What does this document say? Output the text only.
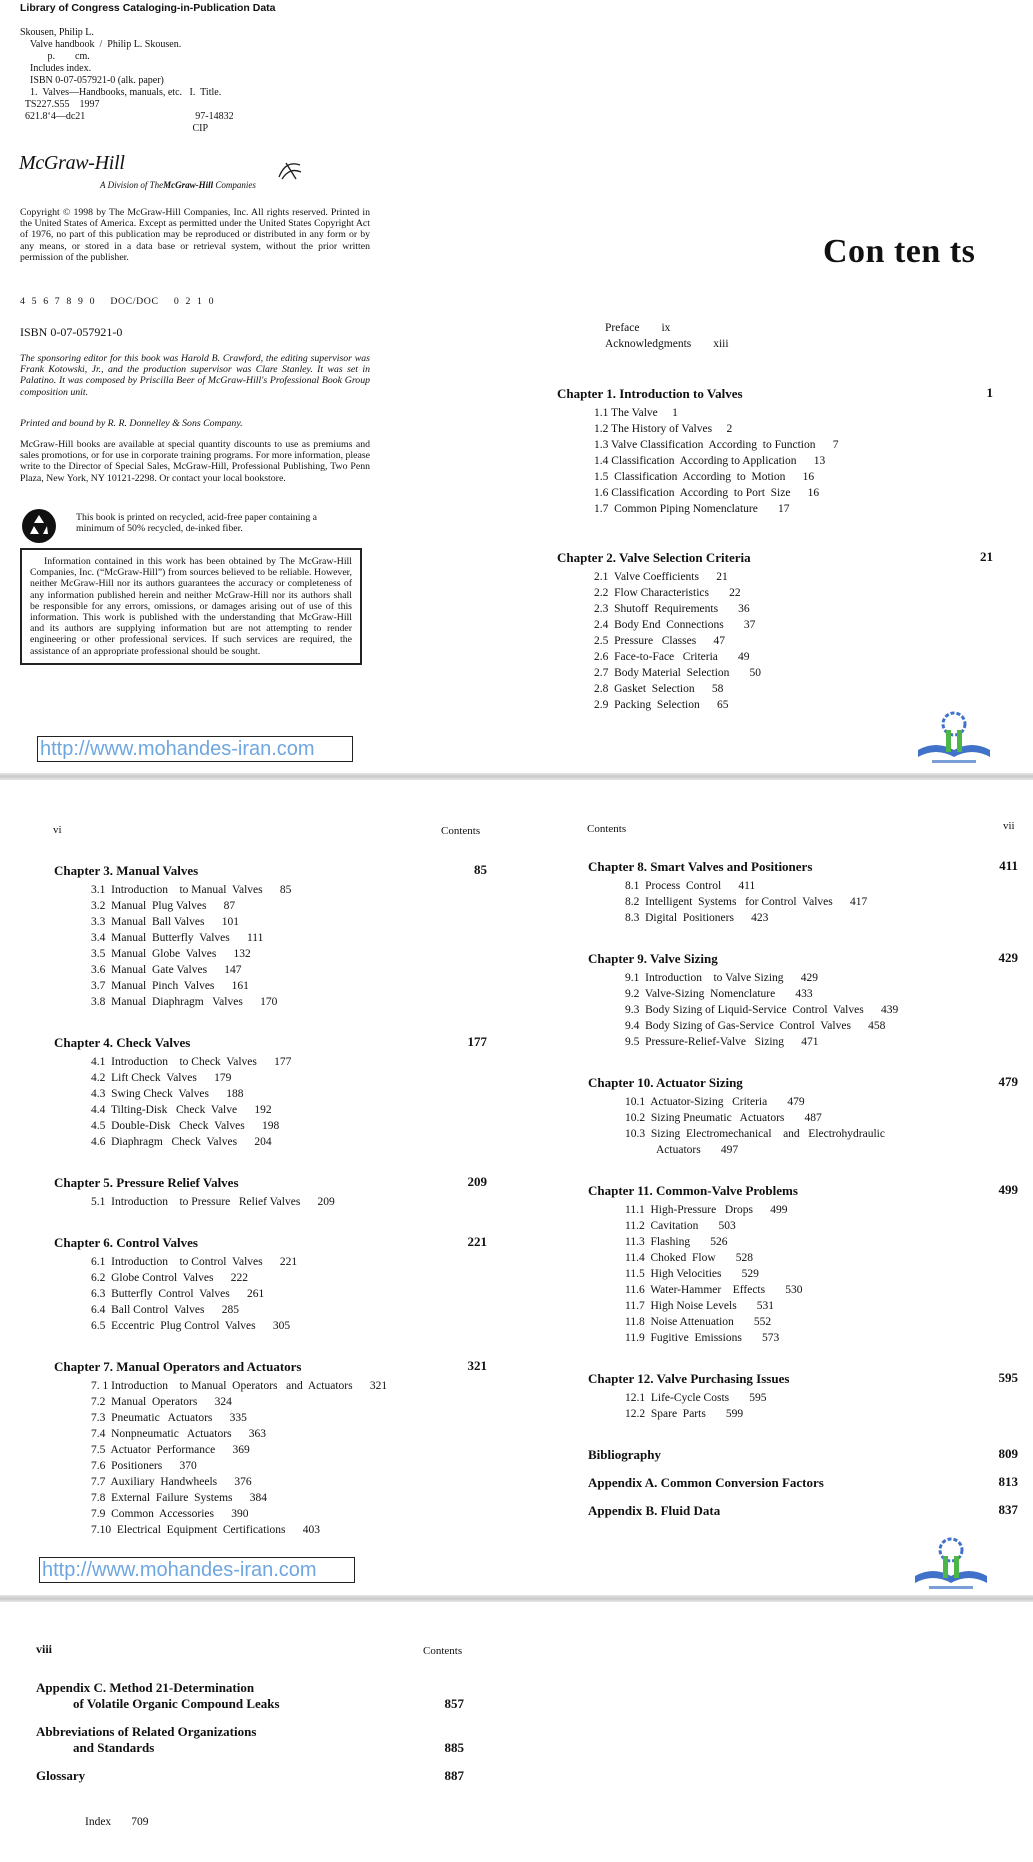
Library of Congress Cataloging-in-Publication Data
Skousen, Philip L.
Valve handbook  /  Philip L. Skousen.
p.        cm.
Includes index.
ISBN 0-07-057921-0 (alk. paper)
1.  Valves—Handbooks, manuals, etc.   I.  Title.
TS227.S55    1997
621.8‘4—dc21                                            97-14832
CIP
McGraw-Hill
A Division of TheMcGraw-Hill Companies
Copyright © 1998 by The McGraw-Hill Companies, Inc. All rights reserved. Printed in the United States of America. Except as permitted under the United States Copyright Act of 1976, no part of this publication may be reproduced or distributed in any form or by any means, or stored in a data base or retrieval system, without the prior written permission of the publisher.
4  5  6  7  8  9  0     DOC/DOC     0  2  1  0
ISBN 0-07-057921-0
The sponsoring editor for this book was Harold B. Crawford, the editing supervisor was Frank Kotowski, Jr., and the production supervisor was Clare Stanley. It was set in Palatino. It was composed by Priscilla Beer of McGraw-Hill's Professional Book Group composition unit.
Printed and bound by R. R. Donnelley & Sons Company.
McGraw-Hill books are available at special quantity discounts to use as premiums and sales promotions, or for use in corporate training programs. For more information, please write to the Director of Special Sales, McGraw-Hill, Professional Publishing, Two Penn Plaza, New York, NY 10121-2298. Or contact your local bookstore.
This book is printed on recycled, acid-free paper containing a minimum of 50% recycled, de-inked fiber.
Information contained in this work has been obtained by The McGraw-Hill Companies, Inc. (“McGraw-Hill”) from sources believed to be reliable. However, neither McGraw-Hill nor its authors guarantees the accuracy or completeness of any information published herein and neither McGraw-Hill nor its authors shall be responsible for any errors, omissions, or damages arising out of use of this information. This work is published with the understanding that McGraw-Hill and its authors are supplying information but are not attempting to render engineering or other professional services. If such services are required, the assistance of an appropriate professional should be sought.
http://www.mohandes-iran.com
Con ten ts
Preface ix
Acknowledgments xiii
Chapter 1. Introduction to Valves	1
1.1 The Valve     1
1.2 The History of Valves     2
1.3 Valve Classification  According  to Function      7
1.4 Classification  According to Application      13
1.5  Classification  According  to  Motion      16
1.6 Classification  According  to Port  Size      16
1.7  Common Piping Nomenclature       17
Chapter 2. Valve Selection Criteria	21
2.1  Valve Coefficients      21
2.2  Flow Characteristics       22
2.3  Shutoff  Requirements       36
2.4  Body End  Connections       37
2.5  Pressure   Classes      47
2.6  Face-to-Face   Criteria       49
2.7  Body Material  Selection       50
2.8  Gasket  Selection      58
2.9  Packing  Selection      65
vi	Contents
Chapter 3. Manual Valves	85
3.1  Introduction    to Manual  Valves      85
3.2  Manual  Plug Valves      87
3.3  Manual  Ball Valves      101
3.4  Manual  Butterfly  Valves      111
3.5  Manual  Globe  Valves      132
3.6  Manual  Gate Valves      147
3.7  Manual  Pinch  Valves      161
3.8  Manual  Diaphragm   Valves      170
Chapter 4. Check Valves	177
4.1  Introduction    to Check  Valves      177
4.2  Lift Check  Valves      179
4.3  Swing Check  Valves      188
4.4  Tilting-Disk   Check  Valve      192
4.5  Double-Disk   Check  Valves      198
4.6  Diaphragm   Check  Valves      204
Chapter 5. Pressure Relief Valves	209
5.1  Introduction    to Pressure   Relief Valves      209
Chapter 6. Control Valves	221
6.1  Introduction    to Control  Valves      221
6.2  Globe Control  Valves      222
6.3  Butterfly  Control  Valves      261
6.4  Ball Control  Valves      285
6.5  Eccentric  Plug Control  Valves      305
Chapter 7. Manual Operators and Actuators	321
7. 1 Introduction    to Manual  Operators   and  Actuators      321
7.2  Manual  Operators      324
7.3  Pneumatic   Actuators      335
7.4  Nonpneumatic   Actuators      363
7.5  Actuator  Performance      369
7.6  Positioners      370
7.7  Auxiliary  Handwheels      376
7.8  External  Failure  Systems      384
7.9  Common  Accessories      390
7.10  Electrical  Equipment  Certifications      403
http://www.mohandes-iran.com
Contents	vii
Chapter 8. Smart Valves and Positioners	411
8.1  Process  Control      411
8.2  Intelligent  Systems   for Control  Valves      417
8.3  Digital  Positioners      423
Chapter 9. Valve Sizing	429
9.1  Introduction    to Valve Sizing      429
9.2  Valve-Sizing  Nomenclature       433
9.3  Body Sizing of Liquid-Service  Control  Valves      439
9.4  Body Sizing of Gas-Service  Control  Valves      458
9.5  Pressure-Relief-Valve   Sizing      471
Chapter 10. Actuator Sizing	479
10.1  Actuator-Sizing   Criteria       479
10.2  Sizing Pneumatic   Actuators       487
10.3  Sizing  Electromechanical    and   Electrohydraulic
Actuators       497
Chapter 11. Common-Valve Problems	499
11.1  High-Pressure   Drops      499
11.2  Cavitation       503
11.3  Flashing       526
11.4  Choked  Flow       528
11.5  High Velocities       529
11.6  Water-Hammer    Effects       530
11.7  High Noise Levels       531
11.8  Noise Attenuation       552
11.9  Fugitive  Emissions       573
Chapter 12. Valve Purchasing Issues	595
12.1  Life-Cycle Costs       595
12.2  Spare  Parts       599
Bibliography	809
Appendix A. Common Conversion Factors	813
Appendix B. Fluid Data	837
viii	Contents
Appendix C. Method 21-Determination
of Volatile Organic Compound Leaks	857
Abbreviations of Related Organizations
and Standards	885
Glossary	887
Index 709
